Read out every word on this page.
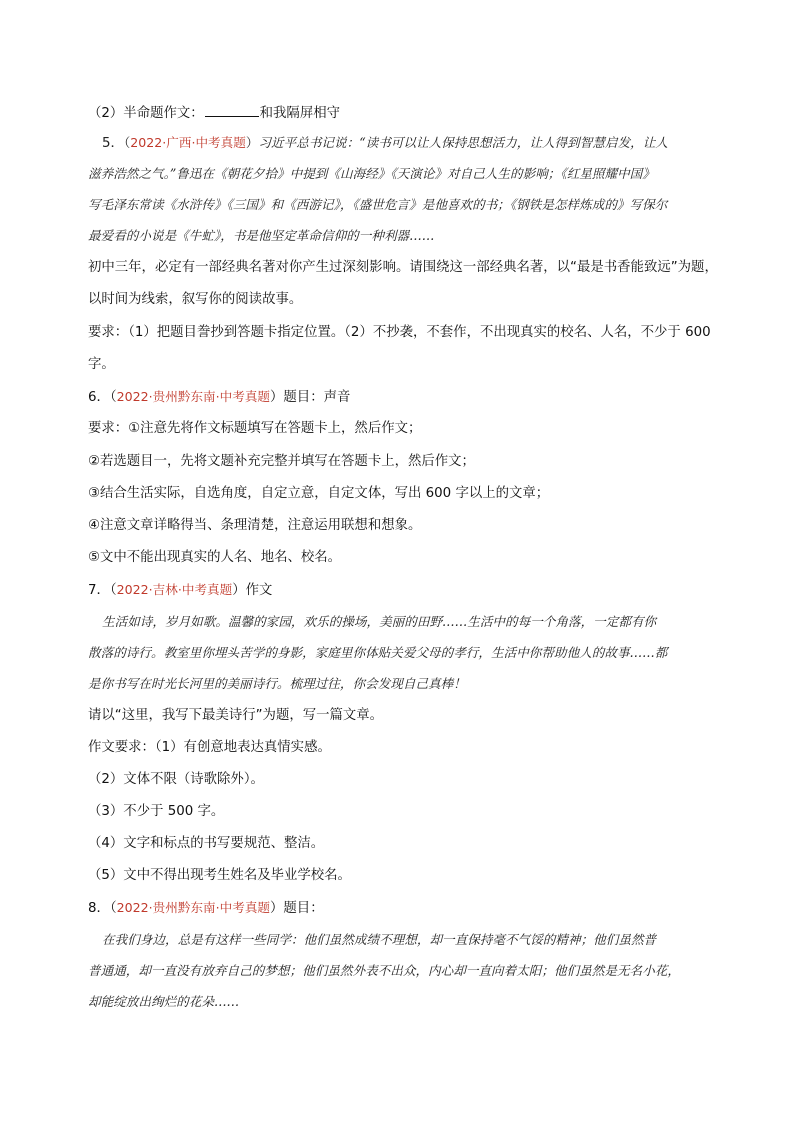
（2）半命题作文：	和我隔屏相守
5．（2022·广西·中考真题）习近平总书记说：“读书可以让人保持思想活力，让人得到智慧启发，让人
滋养浩然之气。”鲁迅在《朝花夕拾》中提到《山海经》《天演论》对自己人生的影响；《红星照耀中国》
写毛泽东常读《水浒传》《三国》和《西游记》，《盛世危言》是他喜欢的书；《钢铁是怎样炼成的》写保尔
最爱看的小说是《牛虻》，书是他坚定革命信仰的一种利器……
初中三年，必定有一部经典名著对你产生过深刻影响。请围绕这一部经典名著，以“最是书香能致远”为题，
以时间为线索，叙写你的阅读故事。
要求：（1）把题目誊抄到答题卡指定位置。（2）不抄袭，不套作，不出现真实的校名、人名，不少于 600
字。
6．（2022·贵州黔东南·中考真题）题目：声音
要求：①注意先将作文标题填写在答题卡上，然后作文；
②若选题目一，先将文题补充完整并填写在答题卡上，然后作文；
③结合生活实际，自选角度，自定立意，自定文体，写出 600 字以上的文章；
④注意文章详略得当、条理清楚，注意运用联想和想象。
⑤文中不能出现真实的人名、地名、校名。
7．（2022·吉林·中考真题）作文
生活如诗，岁月如歌。温馨的家园，欢乐的操场，美丽的田野……生活中的每一个角落，一定都有你
散落的诗行。教室里你埋头苦学的身影，家庭里你体贴关爱父母的孝行，生活中你帮助他人的故事……都
是你书写在时光长河里的美丽诗行。梳理过往，你会发现自己真棒！
请以“这里，我写下最美诗行”为题，写一篇文章。
作文要求：（1）有创意地表达真情实感。
（2）文体不限（诗歌除外）。
（3）不少于 500 字。
（4）文字和标点的书写要规范、整洁。
（5）文中不得出现考生姓名及毕业学校名。
8．（2022·贵州黔东南·中考真题）题目：
在我们身边，总是有这样一些同学：他们虽然成绩不理想，却一直保持毫不气馁的精神；他们虽然普
普通通，却一直没有放弃自己的梦想；他们虽然外表不出众，内心却一直向着太阳；他们虽然是无名小花，
却能绽放出绚烂的花朵……
